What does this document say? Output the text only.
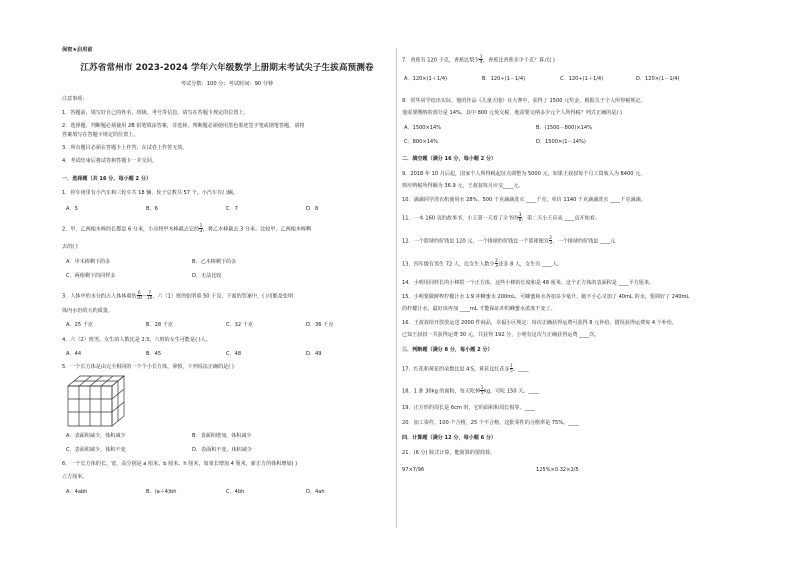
保密★启用前
江苏省常州市 2023-2024 学年六年级数学上册期末考试尖子生拔高预测卷
考试分数：100 分；考试时间：90 分钟
注意事项：
1．答题前，填写好自己的姓名、班级、考号等信息，请写在答题卡规定的位置上。
2．选择题、判断题必须使用 2B 铅笔填涂答案，非选择、判断题必须使用黑色墨迹签字笔或钢笔答题，请将
答案填写在答题卡规定的位置上。
3．所有题目必须在答题卡上作答，在试卷上作答无效。
4．考试结束后将试卷和答题卡一并交回。
一．选择题（共 16 分，每小题 2 分）
1．停车场里有小汽车和三轮车共 18 辆，轮子总数共 57 个。小汽车有( )辆。
A．5	B．6	C．7	D．8
2．甲、乙两根木棒的长都是 6 分米，小亮将甲木棒截去它的 $\frac{1}{3}$ ，将乙木棒截去 3 分米。比较甲、乙两根木棒剩
去的( )
A．甲木棒剩下的多	B．乙木棒剩下的多
C．两根剩下的同样多	D．无法比较
3．人体中的水分约占人体体重的 $\frac{6}{10}$ ～ $\frac{7}{10}$ ，六（1）班的张明重 50 千克，下面的答案中，( )可能是张明
体内水份的大约质量。
A．25 千克	B．28 千克	C．32 千克	D．36 千克
4．六（2）班男、女生的人数比是 2∶3。六班的女生可能是( )人。
A．44	B．45	C．48	D．49
5．一个长方体是由完全相同的一个个小长方体，拿掉，下列说法正确的是( )
A．表面积减少，体积减少	B．表面积增加，体积减少
C．表面积减少，体积不变	D．表面积不变，体积减少
6．一个长方体的长、宽、高分别是 a 厘米、b 厘米、h 厘米，如果长增加 4 厘米，新正方的体积增加( )
立方厘米。
A．4abh	B．(a＋4)bh	C．4bh	D．4ah
7．香蕉有 120 千克，香蕉比梨少 $\frac{1}{4}$ ，香蕉比香蕉多少千克？算式( )
A．120×(1＋1/4)	B．120÷(1－1/4)	C．120÷(1＋1/4)	D．120×(1－1/4)
8．常华同学给出实际，他的作品《儿童天地》在大赛中，获得了 1500 元奖金，根据关于个人所得税规定，
他需要缴纳的部分是 14%，其中 800 元免交税，他需要交纳多少元个人所得税？列式正确的是( )
A．1500×14%	B．(1500－800)×14%
C．800×14%	D．1500×(1－14%)
二．填空题（满分 16 分，每小题 2 分）
9．2018 年 10 月后起，国家个人所得税起征点调整为 5000 元，如果王叔叔每个月工资收入为 8400 元，
则应纳税所得额为 36.9 元，王叔叔每月应交____元。
10．滴滴同学洗衣机使用水 28%，500 千克滴滴洗衣 ____千克，单价 1140 千克滴滴洗衣 ____千克滴滴。
11．一本 160 页的故事书，小王第一天看了全书的 $\frac{3}{8}$ ，第二天小王应从 ____页开始看。
12．一个篮球的价钱是 120 元，一个排球的价钱比一个篮球便宜 $\frac{2}{3}$ ，一个排球的价钱是 ____元
13．四年级有男生 72 人，比女生人数少 $\frac{2}{3}$ 还多 8 人，女生有 ____人。
14．小明用同样长的小棒搭一个正方体，这些小棒的长度和是 48 厘米。这个正方体的表面积是 ____平方厘米。
15．小明要做鲜榨柠檬汁水 1∶9 冲蜂蜜水 200mL，可蜂蜜和水各加多少毫升，她不小心又加了 40mL 的水，要调好了 240mL
的柠檬汁水，最好该再加 ____mL 才能保证冲的蜂蜜水浓度不变了。
16．王叔叔给开放放运送 2000 件商品，幸福小区规定：每次正确获得运费可获得 8 元补给，错误获得运费每 4 个补给，
已知王叔叔一共获得运费 30 元，共获得 192 分，小明有这次与正确获得运费 ____次。
三．判断题（满分 8 分，每小题 2 分）
17．红花和黄花的朵数比是 4∶5，黄花比红花多 $\frac{1}{5}$ 。____
18．1 条 30kg 的面粉，每天吃掉 $\frac{1}{5}$ kg，可吃 150 天。____
19．正方形的周长是 6cm 时，它的面积和周长相等。____
20．加工零件，100 个合格，25 个不合格，这批零件的合格率是 75%。____
四．计算题（满分 12 分，每小题 6 分）
21．(6 分) 脱式计算，能简算的要简算。
97×7/96	125%×0.32×2/5
